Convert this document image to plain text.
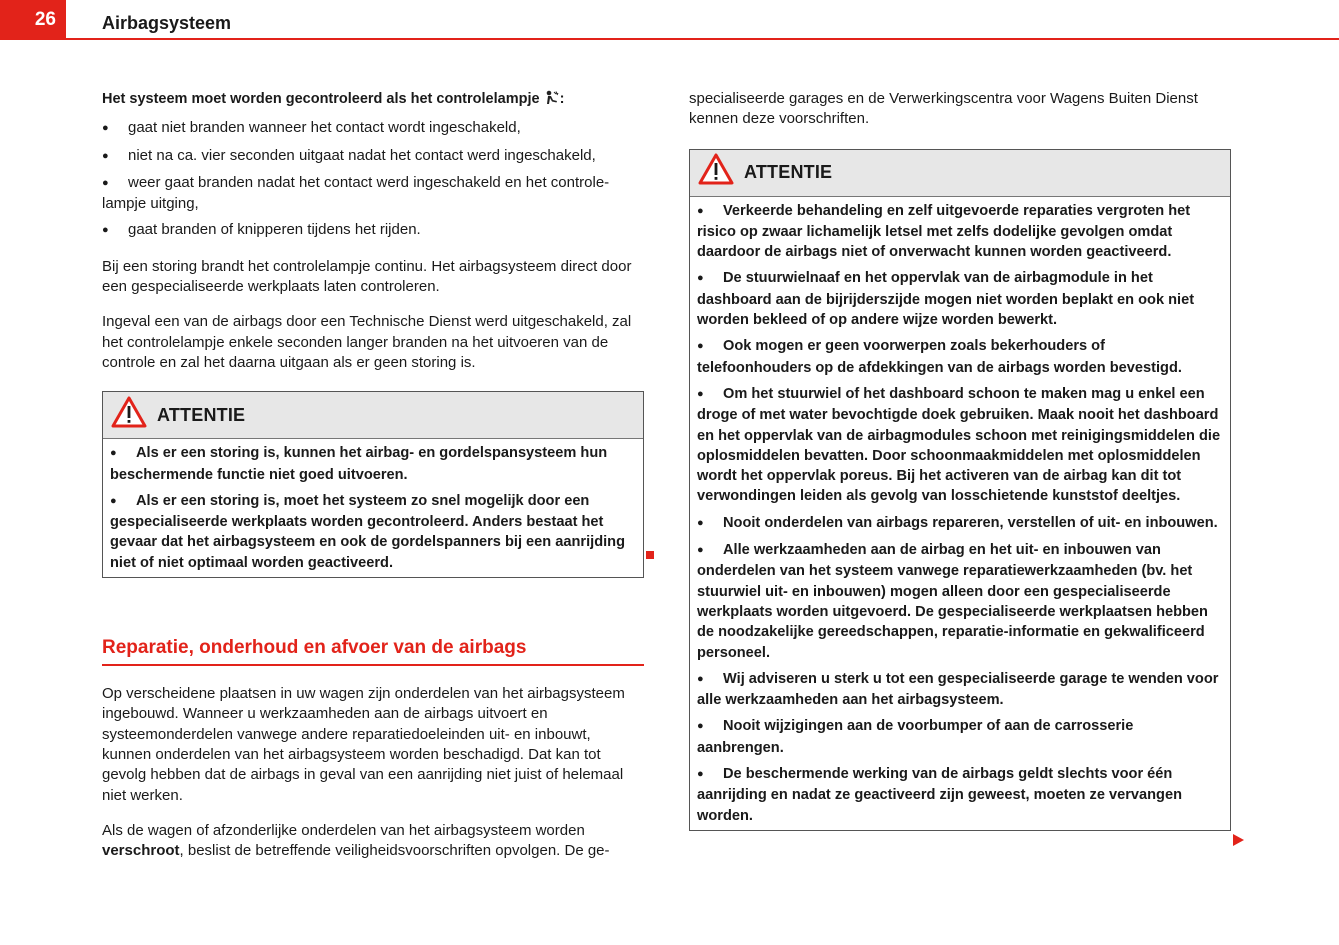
26	Airbagsysteem
Het systeem moet worden gecontroleerd als het controlelampje :
●gaat niet branden wanneer het contact wordt ingeschakeld,
●niet na ca. vier seconden uitgaat nadat het contact werd ingeschakeld,
●weer gaat branden nadat het contact werd ingeschakeld en het controle-lampje uitging,
●gaat branden of knipperen tijdens het rijden.

Bij een storing brandt het controlelampje continu. Het airbagsysteem direct door een gespecialiseerde werkplaats laten controleren.

Ingeval een van de airbags door een Technische Dienst werd uitgeschakeld, zal het controlelampje enkele seconden langer branden na het uitvoeren van de controle en zal het daarna uitgaan als er geen storing is.

ATTENTIE
●Als er een storing is, kunnen het airbag- en gordelspansysteem hun beschermende functie niet goed uitvoeren.
●Als er een storing is, moet het systeem zo snel mogelijk door een gespecialiseerde werkplaats worden gecontroleerd. Anders bestaat het gevaar dat het airbagsysteem en ook de gordelspanners bij een aanrijding niet of niet optimaal worden geactiveerd.
Reparatie, onderhoud en afvoer van de airbags

Op verscheidene plaatsen in uw wagen zijn onderdelen van het airbagsysteem ingebouwd. Wanneer u werkzaamheden aan de airbags uitvoert en systeemonderdelen vanwege andere reparatiedoeleinden uit- en inbouwt, kunnen onderdelen van het airbagsysteem worden beschadigd. Dat kan tot gevolg hebben dat de airbags in geval van een aanrijding niet juist of helemaal niet werken.

Als de wagen of afzonderlijke onderdelen van het airbagsysteem worden verschroot, beslist de betreffende veiligheidsvoorschriften opvolgen. De ge-

specialiseerde garages en de Verwerkingscentra voor Wagens Buiten Dienst kennen deze voorschriften.

ATTENTIE
●Verkeerde behandeling en zelf uitgevoerde reparaties vergroten het risico op zwaar lichamelijk letsel met zelfs dodelijke gevolgen omdat daardoor de airbags niet of onverwacht kunnen worden geactiveerd.
●De stuurwielnaaf en het oppervlak van de airbagmodule in het dashboard aan de bijrijderszijde mogen niet worden beplakt en ook niet worden bekleed of op andere wijze worden bewerkt.
●Ook mogen er geen voorwerpen zoals bekerhouders of telefoonhouders op de afdekkingen van de airbags worden bevestigd.
●Om het stuurwiel of het dashboard schoon te maken mag u enkel een droge of met water bevochtigde doek gebruiken. Maak nooit het dashboard en het oppervlak van de airbagmodules schoon met reinigingsmiddelen die oplosmiddelen bevatten. Door schoonmaakmiddelen met oplosmiddelen wordt het oppervlak poreus. Bij het activeren van de airbag kan dit tot verwondingen leiden als gevolg van losschietende kunststof deeltjes.
●Nooit onderdelen van airbags repareren, verstellen of uit- en inbouwen.
●Alle werkzaamheden aan de airbag en het uit- en inbouwen van onderdelen van het systeem vanwege reparatiewerkzaamheden (bv. het stuurwiel uit- en inbouwen) mogen alleen door een gespecialiseerde werkplaats worden uitgevoerd. De gespecialiseerde werkplaatsen hebben de noodzakelijke gereedschappen, reparatie-informatie en gekwalificeerd personeel.
●Wij adviseren u sterk u tot een gespecialiseerde garage te wenden voor alle werkzaamheden aan het airbagsysteem.
●Nooit wijzigingen aan de voorbumper of aan de carrosserie aanbrengen.
●De beschermende werking van de airbags geldt slechts voor één aanrijding en nadat ze geactiveerd zijn geweest, moeten ze vervangen worden.
